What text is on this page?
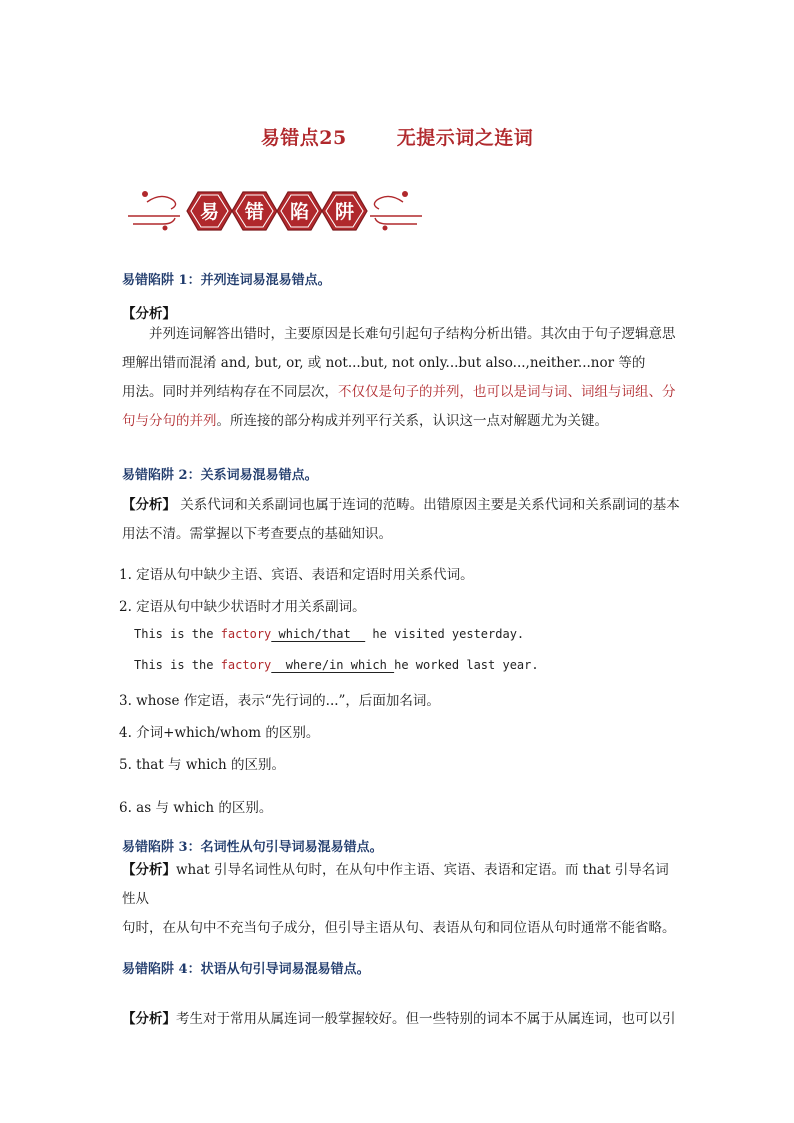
易错点25	无提示词之连词
易 错 陷 阱
易错陷阱 1：并列连词易混易错点。
【分析】
并列连词解答出错时，主要原因是长难句引起句子结构分析出错。其次由于句子逻辑意思
理解出错而混淆 and, but, or, 或 not...but, not only...but also...,neither...nor 等的
用法。同时并列结构存在不同层次，不仅仅是句子的并列，也可以是词与词、词组与词组、分
句与分句的并列。所连接的部分构成并列平行关系，认识这一点对解题尤为关键。
易错陷阱 2：关系词易混易错点。
【分析】 关系代词和关系副词也属于连词的范畴。出错原因主要是关系代词和关系副词的基本
用法不清。需掌握以下考查要点的基础知识。
1. 定语从句中缺少主语、宾语、表语和定语时用关系代词。
2. 定语从句中缺少状语时才用关系副词。
This is the factory which/that   he visited yesterday.
This is the factory  where/in which he worked last year.
3. whose 作定语，表示“先行词的...”，后面加名词。
4. 介词+which/whom 的区别。
5. that 与 which 的区别。
6. as 与 which 的区别。
易错陷阱 3：名词性从句引导词易混易错点。
【分析】what 引导名词性从句时，在从句中作主语、宾语、表语和定语。而 that 引导名词性从
句时，在从句中不充当句子成分，但引导主语从句、表语从句和同位语从句时通常不能省略。
易错陷阱 4：状语从句引导词易混易错点。
【分析】考生对于常用从属连词一般掌握较好。但一些特别的词本不属于从属连词，也可以引
